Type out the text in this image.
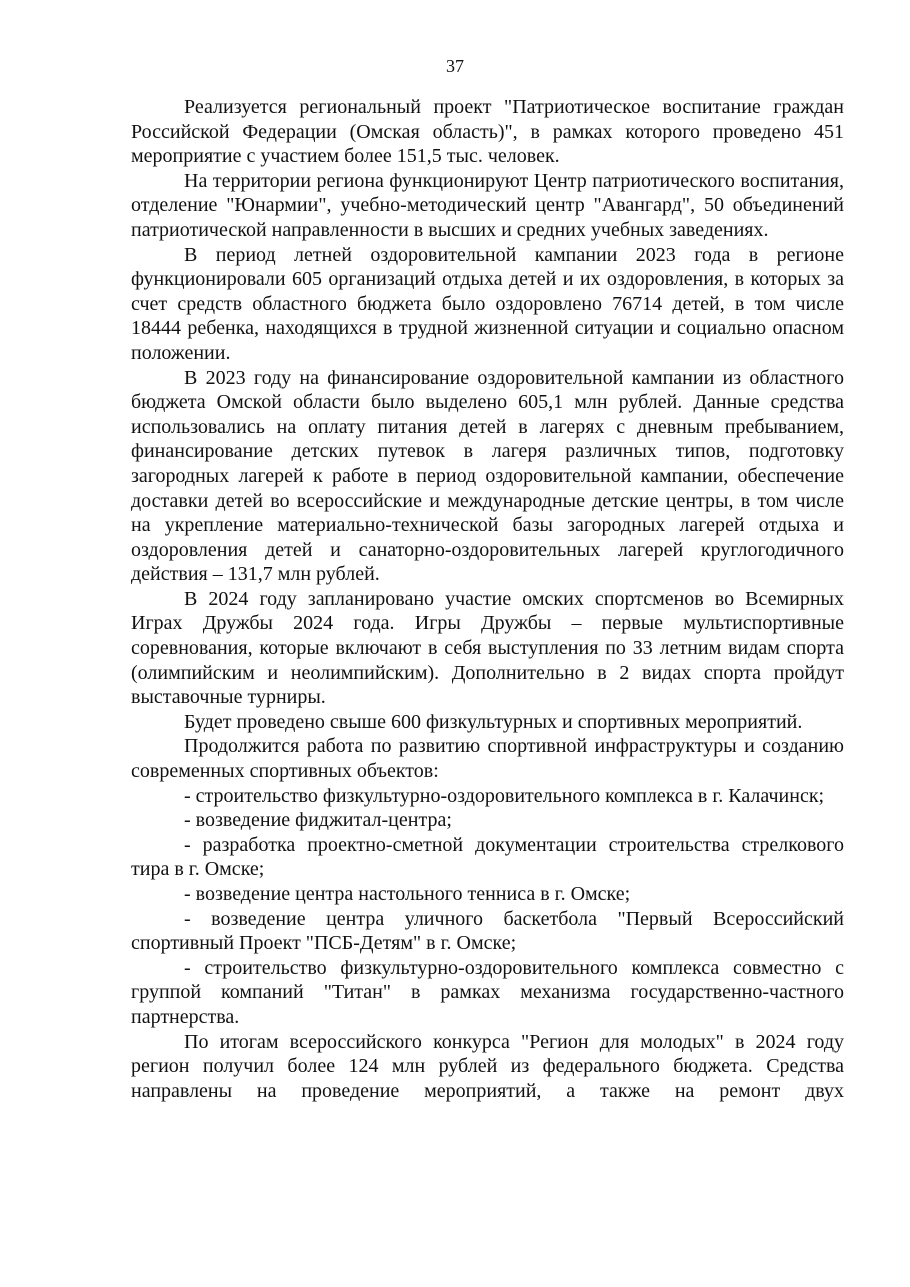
37

Реализуется региональный проект "Патриотическое воспитание граждан Российской Федерации (Омская область)", в рамках которого проведено 451 мероприятие с участием более 151,5 тыс. человек.

На территории региона функционируют Центр патриотического воспитания, отделение "Юнармии", учебно-методический центр "Авангард", 50 объединений патриотической направленности в высших и средних учебных заведениях.

В период летней оздоровительной кампании 2023 года в регионе функционировали 605 организаций отдыха детей и их оздоровления, в которых за счет средств областного бюджета было оздоровлено 76714 детей, в том числе 18444 ребенка, находящихся в трудной жизненной ситуации и социально опасном положении.

В 2023 году на финансирование оздоровительной кампании из областного бюджета Омской области было выделено 605,1 млн рублей. Данные средства использовались на оплату питания детей в лагерях с дневным пребыванием, финансирование детских путевок в лагеря различных типов, подготовку загородных лагерей к работе в период оздоровительной кампании, обеспечение доставки детей во всероссийские и международные детские центры, в том числе на укрепление материально-технической базы загородных лагерей отдыха и оздоровления детей и санаторно-оздоровительных лагерей круглогодичного действия – 131,7 млн рублей.

В 2024 году запланировано участие омских спортсменов во Всемирных Играх Дружбы 2024 года. Игры Дружбы – первые мультиспортивные соревнования, которые включают в себя выступления по 33 летним видам спорта (олимпийским и неолимпийским). Дополнительно в 2 видах спорта пройдут выставочные турниры.

Будет проведено свыше 600 физкультурных и спортивных мероприятий.

Продолжится работа по развитию спортивной инфраструктуры и созданию современных спортивных объектов:

- строительство физкультурно-оздоровительного комплекса в г. Калачинск;

- возведение фиджитал-центра;

- разработка проектно-сметной документации строительства стрелкового тира в г. Омске;

- возведение центра настольного тенниса в г. Омске;

- возведение центра уличного баскетбола "Первый Всероссийский спортивный Проект "ПСБ-Детям" в г. Омске;

- строительство физкультурно-оздоровительного комплекса совместно с группой компаний "Титан" в рамках механизма государственно-частного партнерства.

По итогам всероссийского конкурса "Регион для молодых" в 2024 году регион получил более 124 млн рублей из федерального бюджета. Средства направлены на проведение мероприятий, а также на ремонт двух
